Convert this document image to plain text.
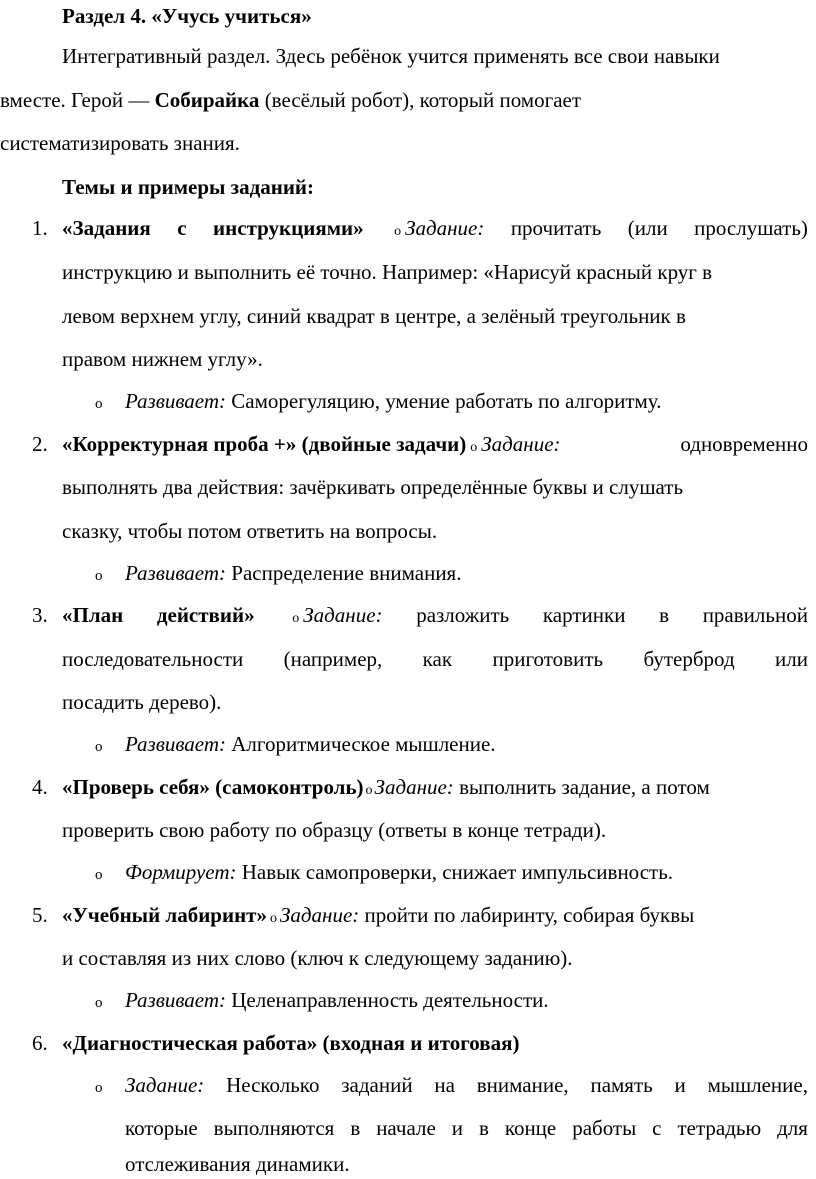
Раздел 4. «Учусь учиться»
Интегративный раздел. Здесь ребёнок учится применять все свои навыки
вместе. Герой — Собирайка (весёлый робот), который помогает
систематизировать знания.
Темы и примеры заданий:
1. «Задания с инструкциями» o Задание: прочитать (или прослушать)
инструкцию и выполнить её точно. Например: «Нарисуй красный круг в
левом верхнем углу, синий квадрат в центре, а зелёный треугольник в
правом нижнем углу».
o Развивает: Саморегуляцию, умение работать по алгоритму.
2. «Корректурная проба +» (двойные задачи) o Задание:	одновременно
выполнять два действия: зачёркивать определённые буквы и слушать
сказку, чтобы потом ответить на вопросы.
o Развивает: Распределение внимания.
3. «План действий»	o Задание: разложить картинки в правильной
последовательности (например, как приготовить бутерброд или
посадить дерево).
o Развивает: Алгоритмическое мышление.
4. «Проверь себя» (самоконтроль) oЗадание: выполнить задание, а потом
проверить свою работу по образцу (ответы в конце тетради).
o Формирует: Навык самопроверки, снижает импульсивность.
5. «Учебный лабиринт» o Задание: пройти по лабиринту, собирая буквы
и составляя из них слово (ключ к следующему заданию).
o Развивает: Целенаправленность деятельности.
6. «Диагностическая работа» (входная и итоговая)
o Задание: Несколько заданий на внимание, память и мышление,
которые выполняются в начале и в конце работы с тетрадью для
отслеживания динамики.
